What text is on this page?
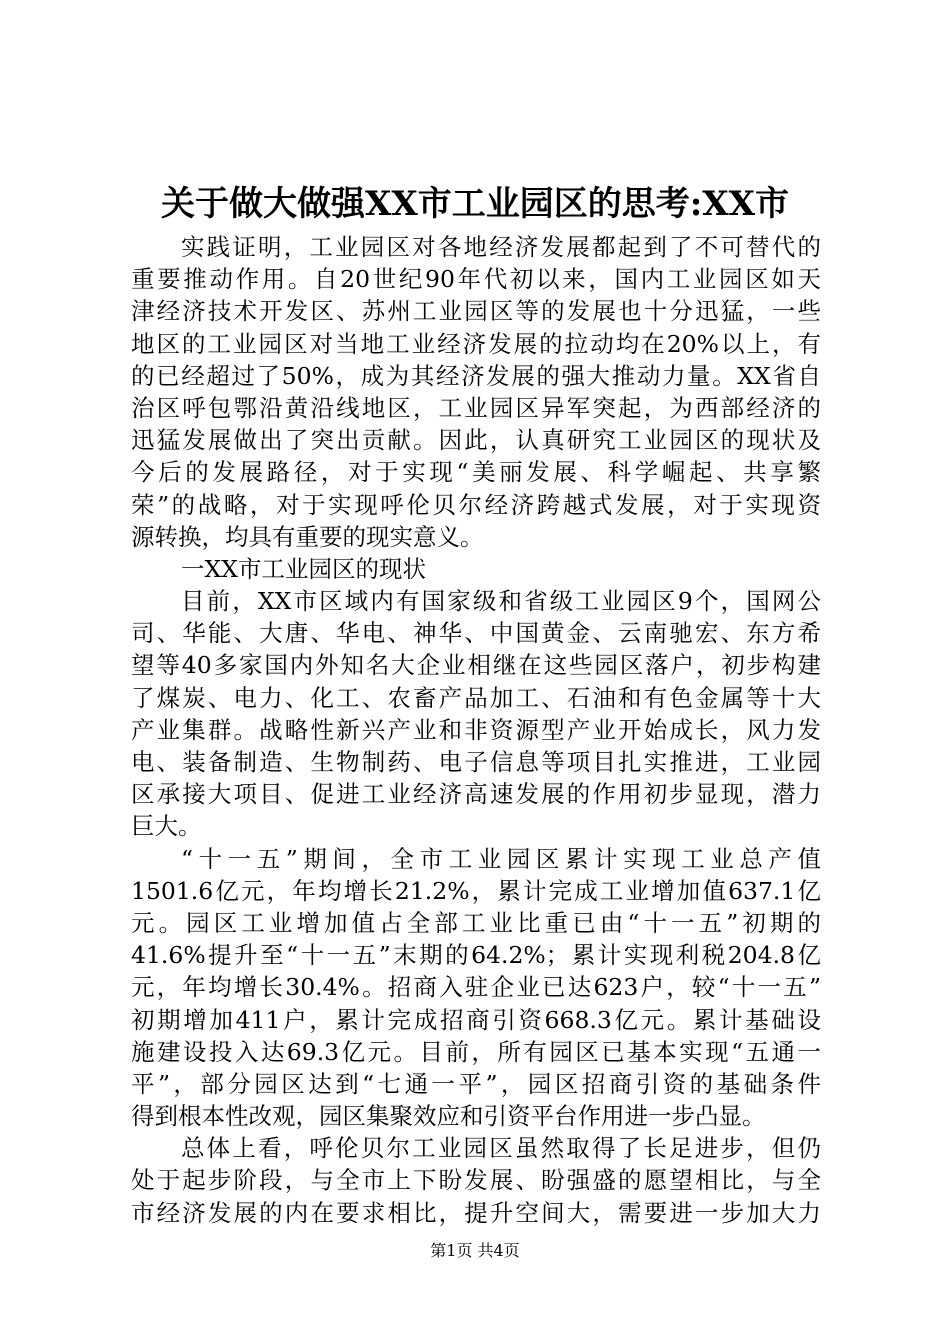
关于做大做强XX市工业园区的思考:XX市
实践证明，工业园区对各地经济发展都起到了不可替代的
重要推动作用。自20世纪90年代初以来，国内工业园区如天
津经济技术开发区、苏州工业园区等的发展也十分迅猛，一些
地区的工业园区对当地工业经济发展的拉动均在20%以上，有
的已经超过了50%，成为其经济发展的强大推动力量。XX省自
治区呼包鄂沿黄沿线地区，工业园区异军突起，为西部经济的
迅猛发展做出了突出贡献。因此，认真研究工业园区的现状及
今后的发展路径，对于实现“美丽发展、科学崛起、共享繁
荣”的战略，对于实现呼伦贝尔经济跨越式发展，对于实现资
源转换，均具有重要的现实意义。
一XX市工业园区的现状
目前，XX市区域内有国家级和省级工业园区9个，国网公
司、华能、大唐、华电、神华、中国黄金、云南驰宏、东方希
望等40多家国内外知名大企业相继在这些园区落户，初步构建
了煤炭、电力、化工、农畜产品加工、石油和有色金属等十大
产业集群。战略性新兴产业和非资源型产业开始成长，风力发
电、装备制造、生物制药、电子信息等项目扎实推进，工业园
区承接大项目、促进工业经济高速发展的作用初步显现，潜力
巨大。
“十一五”期间，全市工业园区累计实现工业总产值
1501.6亿元，年均增长21.2%，累计完成工业增加值637.1亿
元。园区工业增加值占全部工业比重已由“十一五”初期的
41.6%提升至“十一五”末期的64.2%；累计实现利税204.8亿
元，年均增长30.4%。招商入驻企业已达623户，较“十一五”
初期增加411户，累计完成招商引资668.3亿元。累计基础设
施建设投入达69.3亿元。目前，所有园区已基本实现“五通一
平”，部分园区达到“七通一平”，园区招商引资的基础条件
得到根本性改观，园区集聚效应和引资平台作用进一步凸显。
总体上看，呼伦贝尔工业园区虽然取得了长足进步，但仍
处于起步阶段，与全市上下盼发展、盼强盛的愿望相比，与全
市经济发展的内在要求相比，提升空间大，需要进一步加大力
第1页 共4页
